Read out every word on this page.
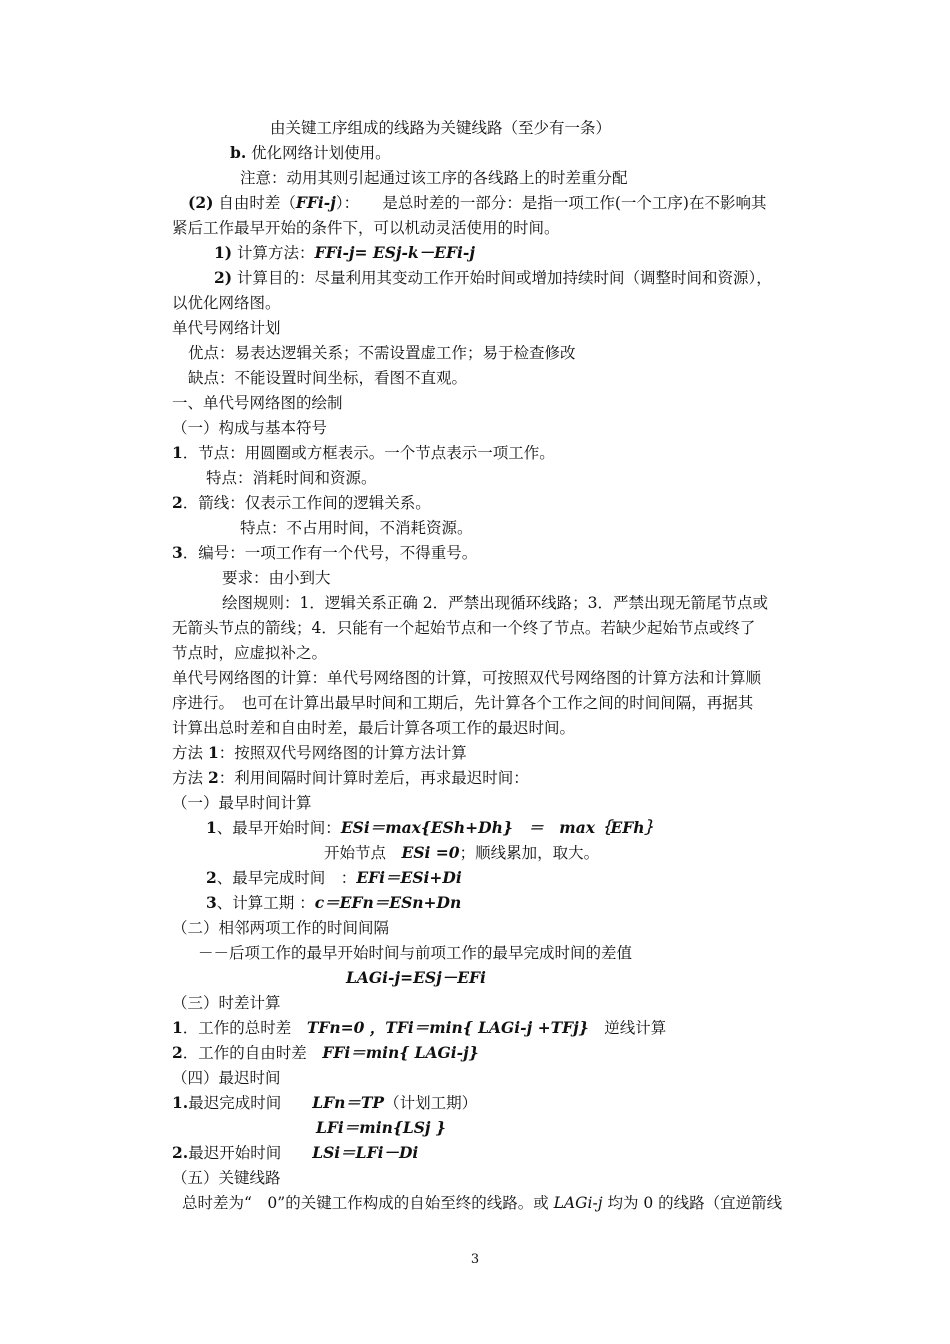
由关键工序组成的线路为关键线路（至少有一条）
b. 优化网络计划使用。
注意：动用其则引起通过该工序的各线路上的时差重分配
(2) 自由时差（FFi-j）：　　是总时差的一部分：是指一项工作(一个工序)在不影响其
紧后工作最早开始的条件下，可以机动灵活使用的时间。
1) 计算方法：FFi-j= ESj-k－EFi-j
2) 计算目的：尽量利用其变动工作开始时间或增加持续时间（调整时间和资源），
以优化网络图。
单代号网络计划
优点：易表达逻辑关系；不需设置虚工作；易于检查修改
缺点：不能设置时间坐标，看图不直观。
一、单代号网络图的绘制
（一）构成与基本符号
1．节点：用圆圈或方框表示。一个节点表示一项工作。
特点：消耗时间和资源。
2．箭线：仅表示工作间的逻辑关系。
特点：不占用时间，不消耗资源。
3．编号：一项工作有一个代号，不得重号。
要求：由小到大
绘图规则：1．逻辑关系正确 2．严禁出现循环线路；3．严禁出现无箭尾节点或
无箭头节点的箭线；4．只能有一个起始节点和一个终了节点。若缺少起始节点或终了
节点时，应虚拟补之。
单代号网络图的计算：单代号网络图的计算，可按照双代号网络图的计算方法和计算顺
序进行。　也可在计算出最早时间和工期后，先计算各个工作之间的时间间隔，再据其
计算出总时差和自由时差，最后计算各项工作的最迟时间。
方法 1：按照双代号网络图的计算方法计算
方法 2：利用间隔时间计算时差后，再求最迟时间：
（一）最早时间计算
1、最早开始时间：ESi＝max{ESh+Dh}　＝　max｛EFh｝
开始节点　ESi =0；顺线累加，取大。
2、最早完成时间　：EFi＝ESi+Di
3、计算工期 ：c＝EFn＝ESn+Dn
（二）相邻两项工作的时间间隔
－－后项工作的最早开始时间与前项工作的最早完成时间的差值
LAGi-j=ESj－EFi
（三）时差计算
1．工作的总时差　TFn=0 ，TFi＝min{ LAGi-j +TFj}　逆线计算
2．工作的自由时差　FFi＝min{ LAGi-j}
（四）最迟时间
1.最迟完成时间　　LFn＝TP（计划工期）
LFi＝min{LSj }
2.最迟开始时间　　LSi＝LFi－Di
（五）关键线路
总时差为“　0”的关键工作构成的自始至终的线路。或 LAGi-j 均为 0 的线路（宜逆箭线
3
